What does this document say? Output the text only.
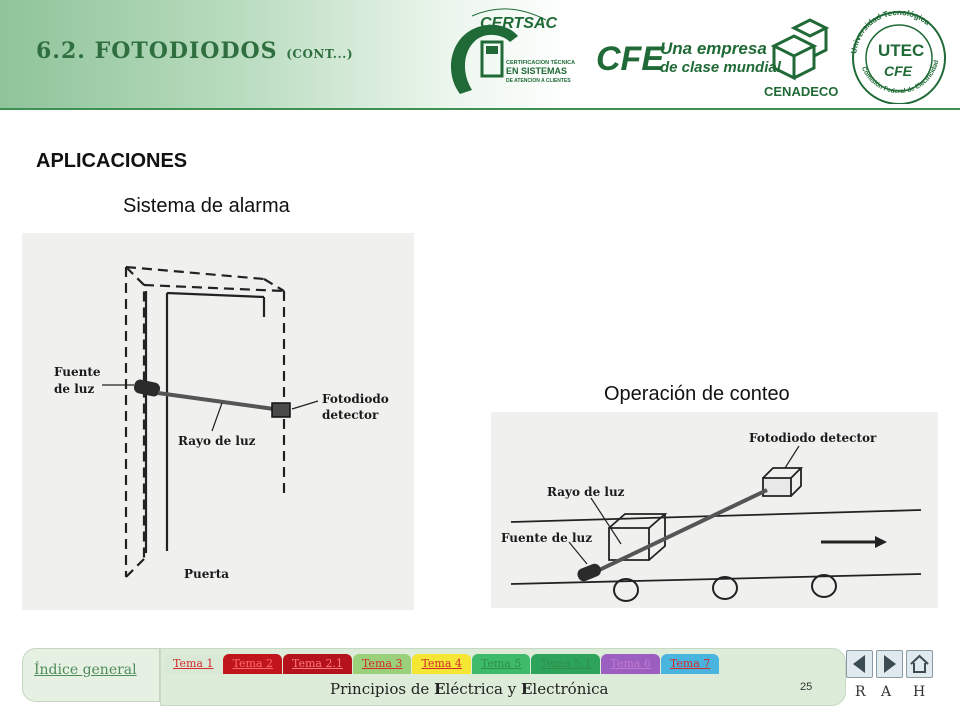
6.2. FOTODIODOS (CONT...)
CERTSAC
CERTIFICACION TÉCNICA
EN SISTEMAS
DE ATENCION A CLIENTES
CFE
Una empresa
de clase mundial
CENADECO
Universidad Tecnológica
Comisión Federal de Electricidad
UTEC
CFE
APLICACIONES
Sistema de alarma
Operación de conteo
Fuente
de luz
Rayo de luz
Fotodiodo
detector
Puerta
Fotodiodo detector
Rayo de luz
Fuente de luz
Índice general	Tema 1	Tema 2	Tema 2.1	Tema 3	Tema 4	Tema 5	Tema 5.1	Tema 6	Tema 7
Principios de Eléctrica y Electrónica	25	R A H
